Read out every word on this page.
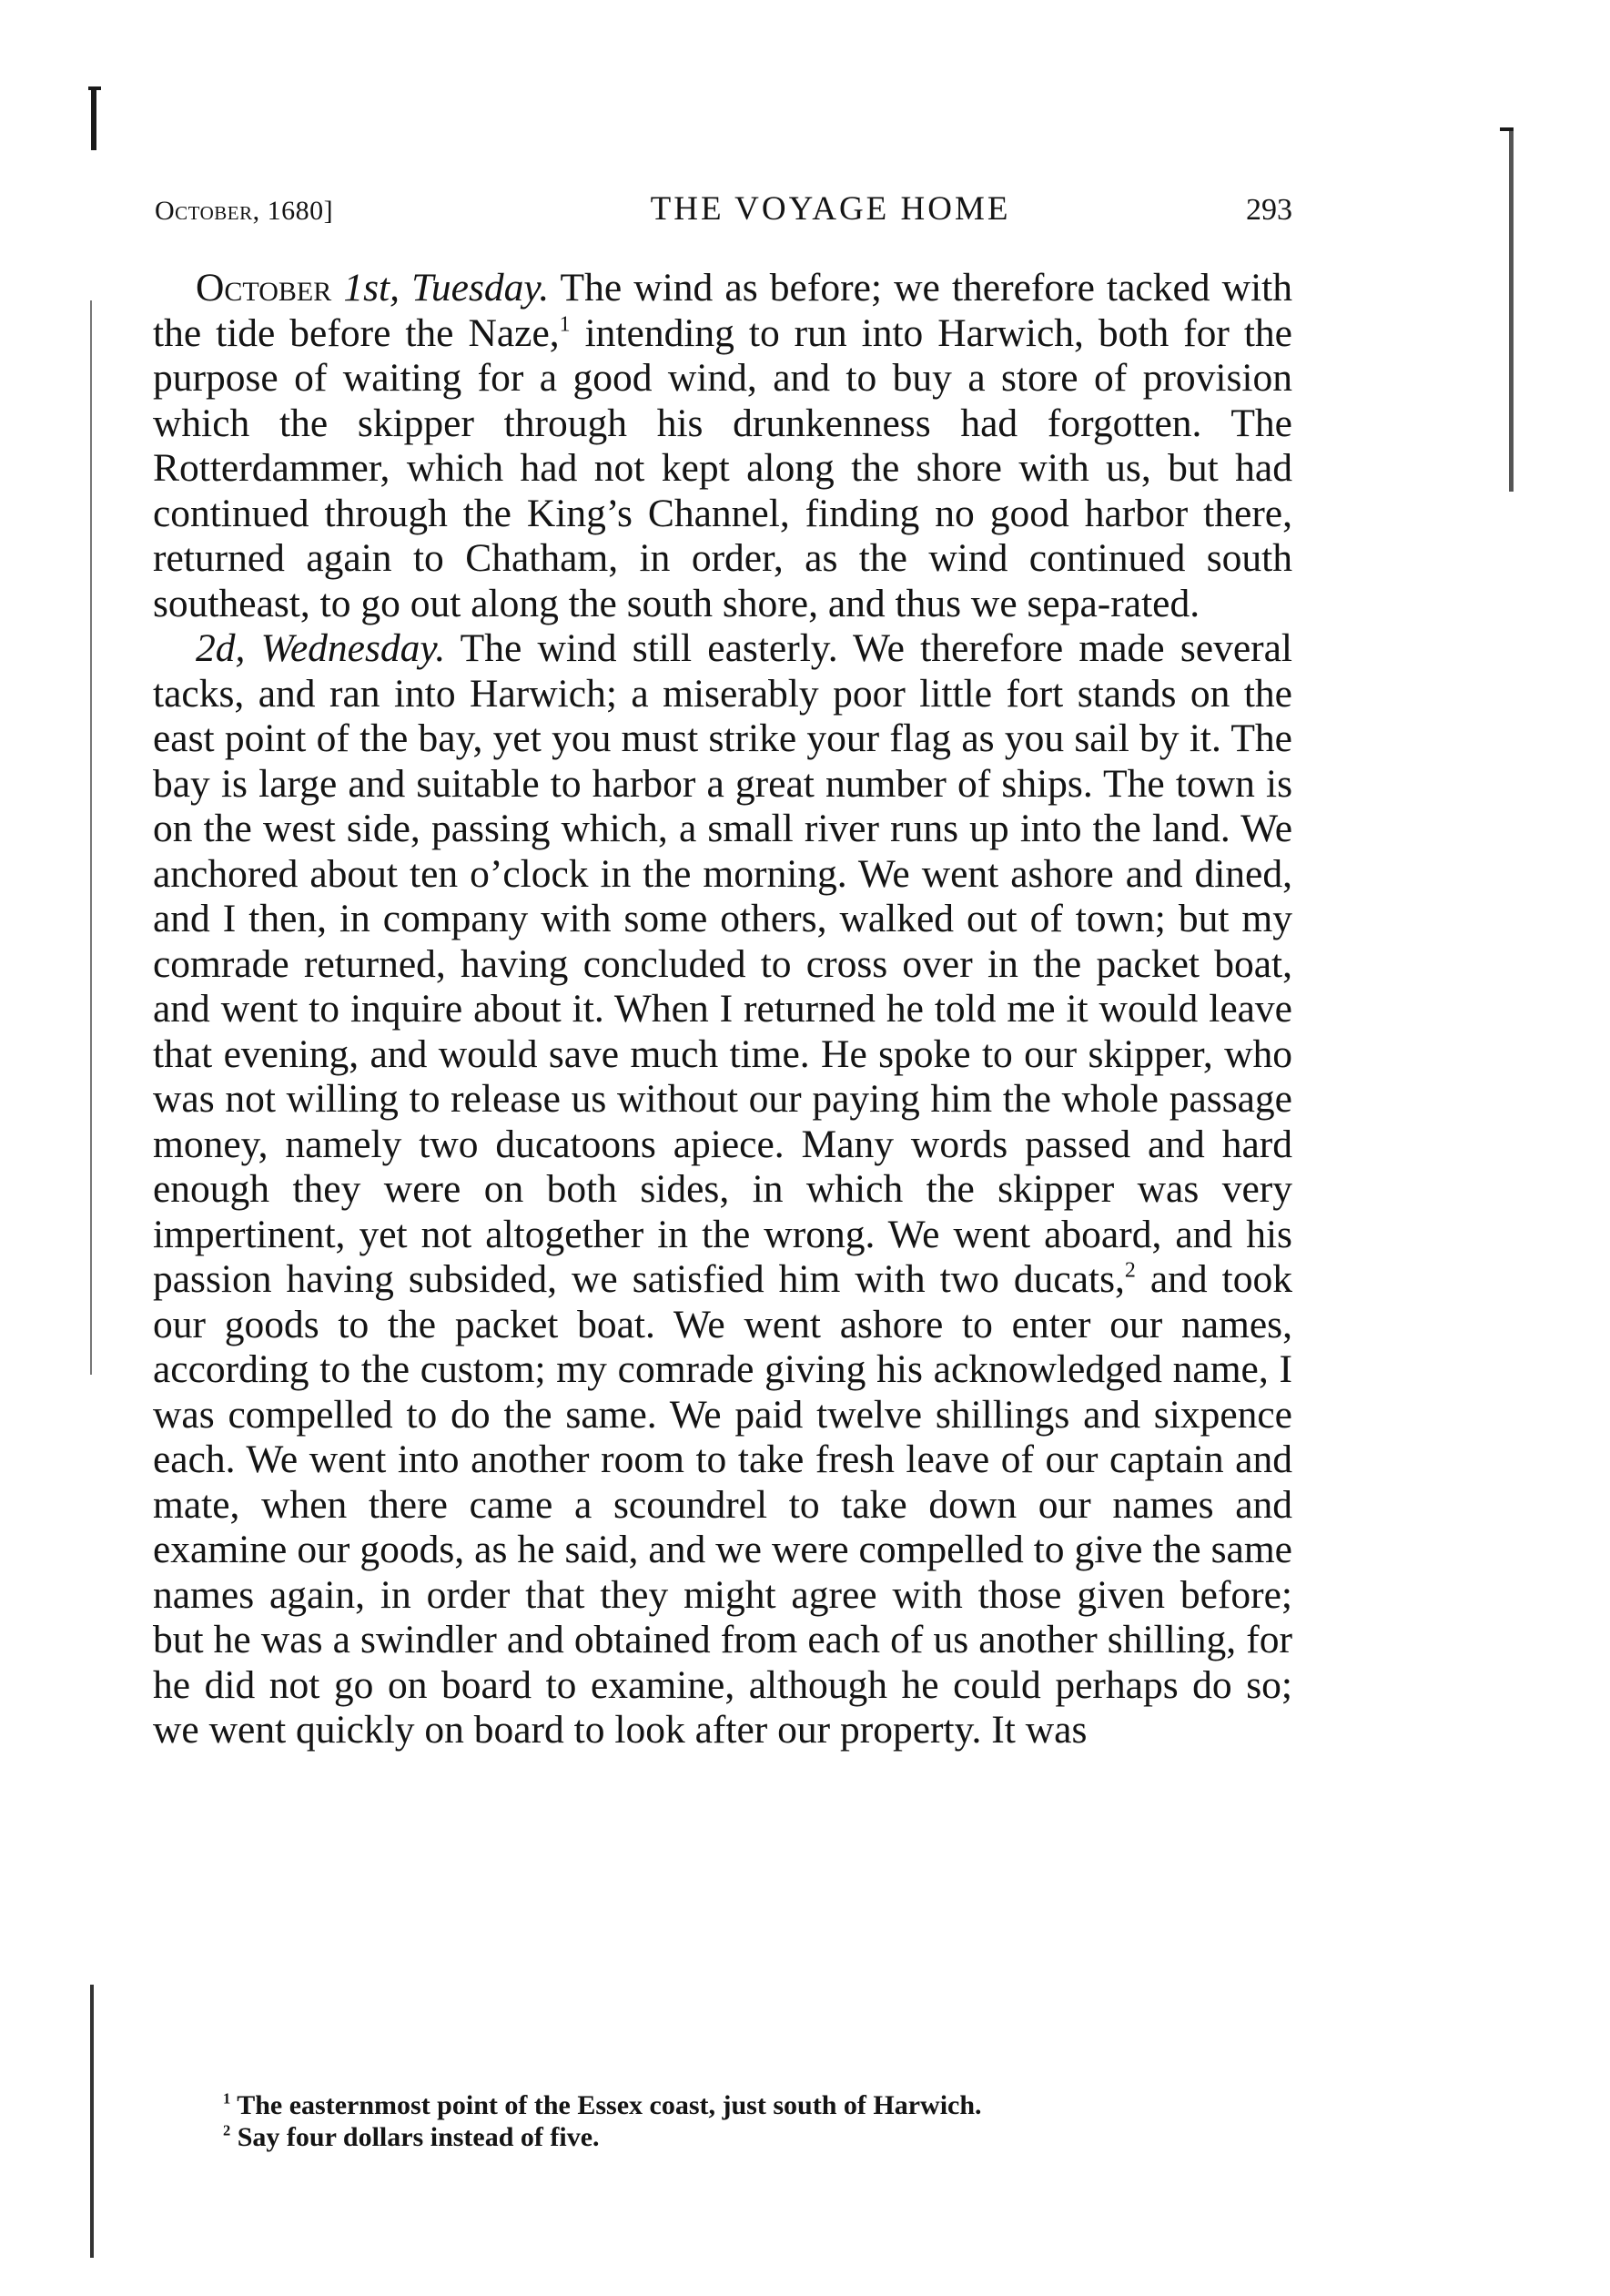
October, 1680]	THE VOYAGE HOME	293

October 1st, Tuesday. The wind as before; we therefore tacked with the tide before the Naze,$^1$ intending to run into Harwich, both for the purpose of waiting for a good wind, and to buy a store of provision which the skipper through his drunkenness had forgotten. The Rotterdammer, which had not kept along the shore with us, but had continued through the King’s Channel, finding no good harbor there, returned again to Chatham, in order, as the wind continued south southeast, to go out along the south shore, and thus we sepa-rated.

2d, Wednesday. The wind still easterly. We therefore made several tacks, and ran into Harwich; a miserably poor little fort stands on the east point of the bay, yet you must strike your flag as you sail by it. The bay is large and suitable to harbor a great number of ships. The town is on the west side, passing which, a small river runs up into the land. We anchored about ten o’clock in the morning. We went ashore and dined, and I then, in company with some others, walked out of town; but my comrade returned, having concluded to cross over in the packet boat, and went to inquire about it. When I returned he told me it would leave that evening, and would save much time. He spoke to our skipper, who was not willing to release us without our paying him the whole passage money, namely two ducatoons apiece. Many words passed and hard enough they were on both sides, in which the skipper was very impertinent, yet not altogether in the wrong. We went aboard, and his passion having subsided, we satisfied him with two ducats,$^2$ and took our goods to the packet boat. We went ashore to enter our names, according to the custom; my comrade giving his acknowledged name, I was compelled to do the same. We paid twelve shillings and sixpence each. We went into another room to take fresh leave of our captain and mate, when there came a scoundrel to take down our names and examine our goods, as he said, and we were compelled to give the same names again, in order that they might agree with those given before; but he was a swindler and obtained from each of us another shilling, for he did not go on board to examine, although he could perhaps do so; we went quickly on board to look after our property. It was

$^1$ The easternmost point of the Essex coast, just south of Harwich.
$^2$ Say four dollars instead of five.
